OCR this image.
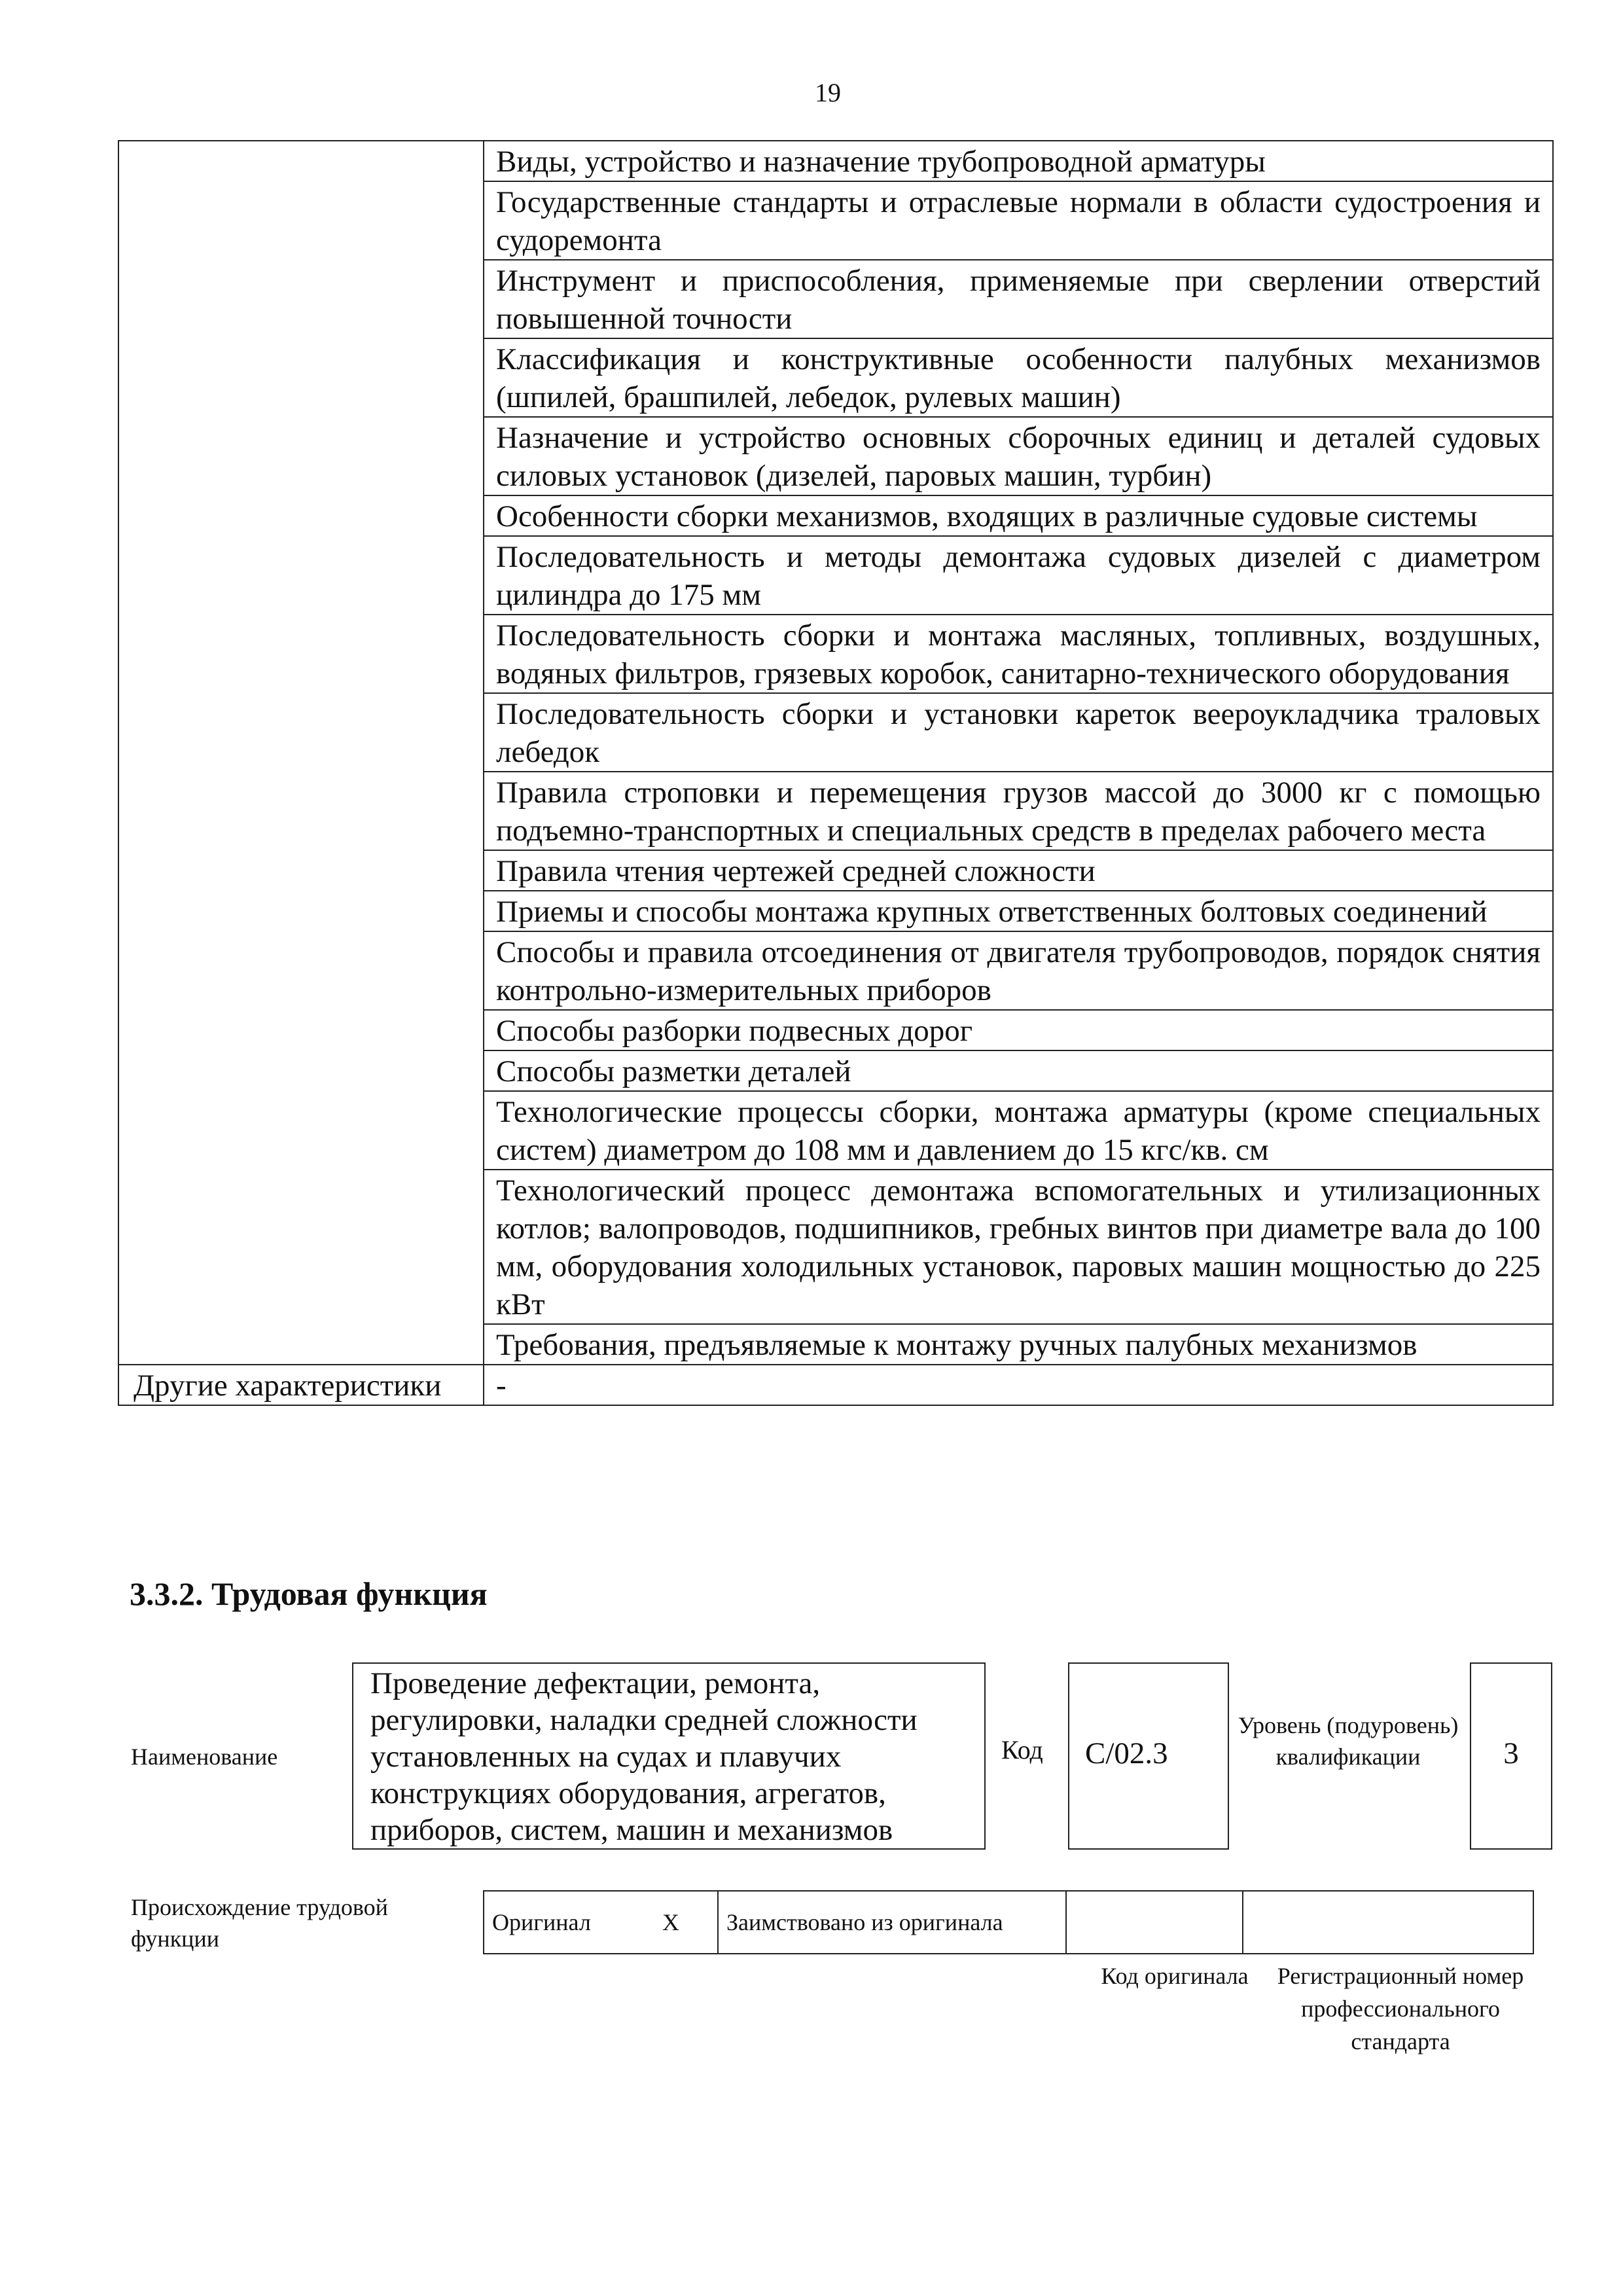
19
	Виды, устройство и назначение трубопроводной арматуры
	Государственные стандарты и отраслевые нормали в области судостроения и судоремонта
	Инструмент и приспособления, применяемые при сверлении отверстий повышенной точности
	Классификация и конструктивные особенности палубных механизмов (шпилей, брашпилей, лебедок, рулевых машин)
	Назначение и устройство основных сборочных единиц и деталей судовых силовых установок (дизелей, паровых машин, турбин)
	Особенности сборки механизмов, входящих в различные судовые системы
	Последовательность и методы демонтажа судовых дизелей с диаметром цилиндра до 175 мм
	Последовательность сборки и монтажа масляных, топливных, воздушных, водяных фильтров, грязевых коробок, санитарно-технического оборудования
	Последовательность сборки и установки кареток веероукладчика траловых лебедок
	Правила строповки и перемещения грузов массой до 3000 кг с помощью подъемно-транспортных и специальных средств в пределах рабочего места
	Правила чтения чертежей средней сложности
	Приемы и способы монтажа крупных ответственных болтовых соединений
	Способы и правила отсоединения от двигателя трубопроводов, порядок снятия контрольно-измерительных приборов
	Способы разборки подвесных дорог
	Способы разметки деталей
	Технологические процессы сборки, монтажа арматуры (кроме специальных систем) диаметром до 108 мм и давлением до 15 кгс/кв. см
	Технологический процесс демонтажа вспомогательных и утилизационных котлов; валопроводов, подшипников, гребных винтов при диаметре вала до 100 мм, оборудования холодильных установок, паровых машин мощностью до 225 кВт
	Требования, предъявляемые к монтажу ручных палубных механизмов
Другие характеристики	-
3.3.2. Трудовая функция
Наименование
Проведение дефектации, ремонта, регулировки, наладки средней сложности установленных на судах и плавучих конструкциях оборудования, агрегатов, приборов, систем, машин и механизмов
Код	C/02.3
Уровень (подуровень) квалификации	3
Происхождение трудовой функции
Оригинал	X	Заимствовано из оригинала		
Код оригинала	Регистрационный номер профессионального стандарта
